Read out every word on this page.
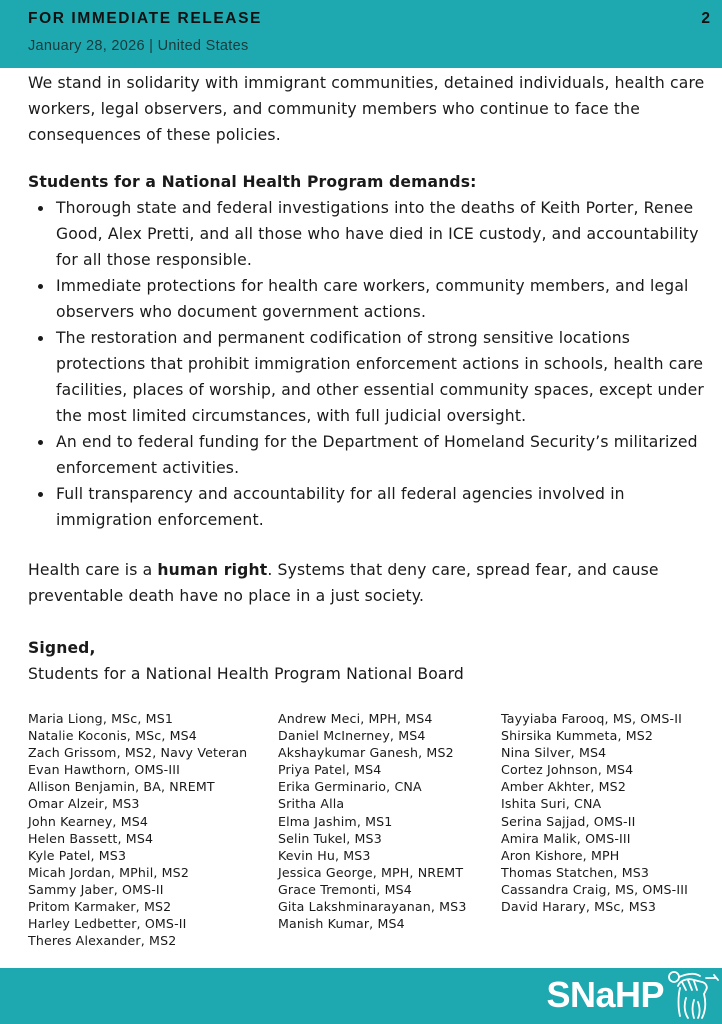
FOR IMMEDIATE RELEASE	2
January 28, 2026 | United States

We stand in solidarity with immigrant communities, detained individuals, health care workers, legal observers, and community members who continue to face the consequences of these policies.

Students for a National Health Program demands:
Thorough state and federal investigations into the deaths of Keith Porter, Renee Good, Alex Pretti, and all those who have died in ICE custody, and accountability for all those responsible.
Immediate protections for health care workers, community members, and legal observers who document government actions.
The restoration and permanent codification of strong sensitive locations protections that prohibit immigration enforcement actions in schools, health care facilities, places of worship, and other essential community spaces, except under the most limited circumstances, with full judicial oversight.
An end to federal funding for the Department of Homeland Security’s militarized enforcement activities.
Full transparency and accountability for all federal agencies involved in immigration enforcement.
Health care is a human right. Systems that deny care, spread fear, and cause preventable death have no place in a just society.
Signed,
Students for a National Health Program National Board
Maria Liong, MSc, MS1
Natalie Koconis, MSc, MS4
Zach Grissom, MS2, Navy Veteran
Evan Hawthorn, OMS-III
Allison Benjamin, BA, NREMT
Omar Alzeir, MS3
John Kearney, MS4
Helen Bassett, MS4
Kyle Patel, MS3
Micah Jordan, MPhil, MS2
Sammy Jaber, OMS-II
Pritom Karmaker, MS2
Harley Ledbetter, OMS-II
Theres Alexander, MS2
Andrew Meci, MPH, MS4
Daniel McInerney, MS4
Akshaykumar Ganesh, MS2
Priya Patel, MS4
Erika Germinario, CNA
Sritha Alla
Elma Jashim, MS1
Selin Tukel, MS3
Kevin Hu, MS3
Jessica George, MPH, NREMT
Grace Tremonti, MS4
Gita Lakshminarayanan, MS3
Manish Kumar, MS4
Tayyiaba Farooq, MS, OMS-II
Shirsika Kummeta, MS2
Nina Silver, MS4
Cortez Johnson, MS4
Amber Akhter, MS2
Ishita Suri, CNA
Serina Sajjad, OMS-II
Amira Malik, OMS-III
Aron Kishore, MPH
Thomas Statchen, MS3
Cassandra Craig, MS, OMS-III
David Harary, MSc, MS3
SNaHP
